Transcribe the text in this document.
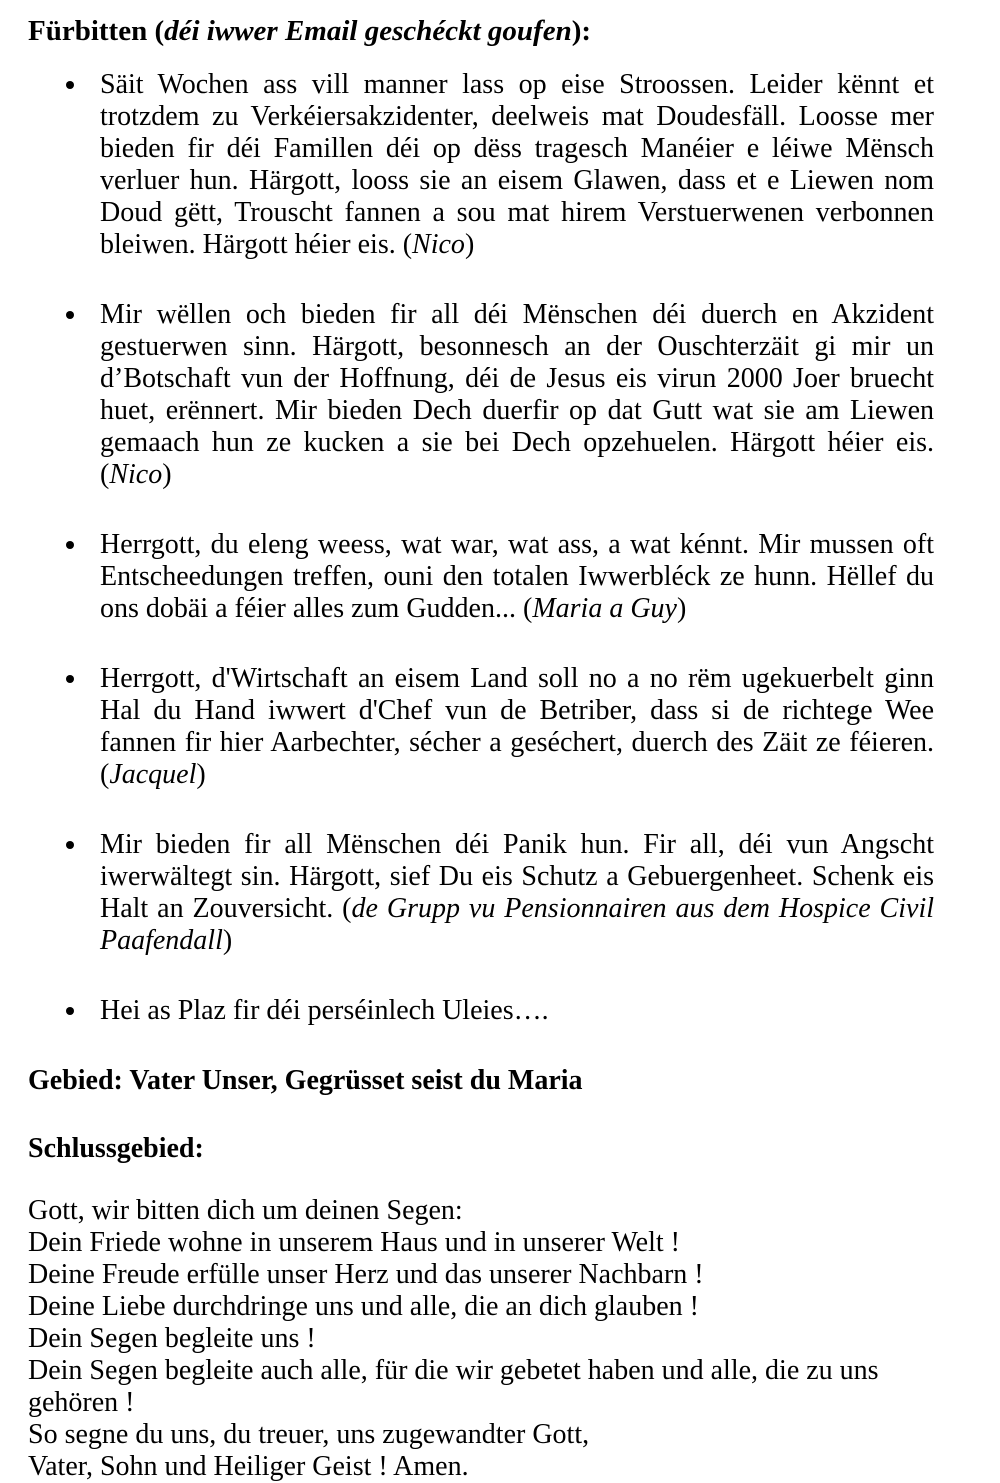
Fürbitten (déi iwwer Email geschéckt goufen):

Säit Wochen ass vill manner lass op eise Stroossen. Leider kënnt et trotzdem zu Verkéiersakzidenter, deelweis mat Doudesfäll. Loosse mer bieden fir déi Famillen déi op dëss tragesch Manéier e léiwe Mënsch verluer hun. Härgott, looss sie an eisem Glawen, dass et e Liewen nom Doud gëtt, Trouscht fannen a sou mat hirem Verstuerwenen verbonnen bleiwen. Härgott héier eis. (Nico)
Mir wëllen och bieden fir all déi Mënschen déi duerch en Akzident gestuerwen sinn. Härgott, besonnesch an der Ouschterzäit gi mir un d’Botschaft vun der Hoffnung, déi de Jesus eis virun 2000 Joer bruecht huet, erënnert. Mir bieden Dech duerfir op dat Gutt wat sie am Liewen gemaach hun ze kucken a sie bei Dech opzehuelen. Härgott héier eis. (Nico)
Herrgott, du eleng weess, wat war, wat ass, a wat kénnt. Mir mussen oft Entscheedungen treffen, ouni den totalen Iwwerbléck ze hunn. Hëllef du ons dobäi a féier alles zum Gudden... (Maria a Guy)
Herrgott, d'Wirtschaft an eisem Land soll no a no rëm ugekuerbelt ginn Hal du Hand iwwert d'Chef vun de Betriber, dass si de richtege Wee fannen fir hier Aarbechter, sécher a geséchert, duerch des Zäit ze féieren. (Jacquel)
Mir bieden fir all Mënschen déi Panik hun. Fir all, déi vun Angscht iwerwältegt sin. Härgott, sief Du eis Schutz a Gebuergenheet. Schenk eis Halt an Zouversicht. (de Grupp vu Pensionnairen aus dem Hospice Civil Paafendall)
Hei as Plaz fir déi perséinlech Uleies….

Gebied: Vater Unser, Gegrüsset seist du Maria

Schlussgebied:

Gott, wir bitten dich um deinen Segen:

Dein Friede wohne in unserem Haus und in unserer Welt !

Deine Freude erfülle unser Herz und das unserer Nachbarn !

Deine Liebe durchdringe uns und alle, die an dich glauben !

Dein Segen begleite uns !

Dein Segen begleite auch alle, für die wir gebetet haben und alle, die zu uns gehören !

So segne du uns, du treuer, uns zugewandter Gott,

Vater, Sohn und Heiliger Geist ! Amen.
